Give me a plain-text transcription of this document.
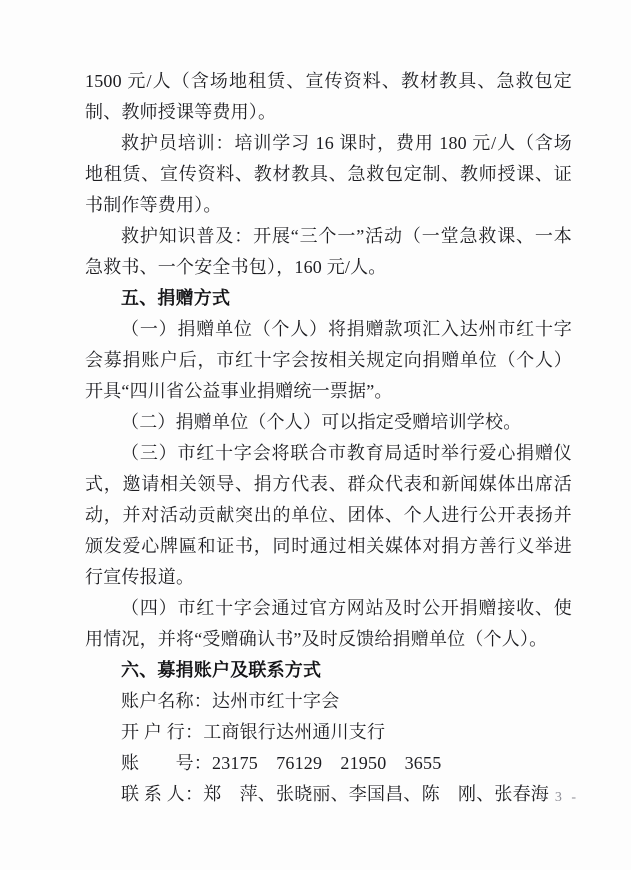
1500 元/人（含场地租赁、宣传资料、教材教具、急救包定制、教师授课等费用）。

救护员培训：培训学习 16 课时，费用 180 元/人（含场地租赁、宣传资料、教材教具、急救包定制、教师授课、证书制作等费用）。

救护知识普及：开展“三个一”活动（一堂急救课、一本急救书、一个安全书包），160 元/人。

五、捐赠方式

（一）捐赠单位（个人）将捐赠款项汇入达州市红十字会募捐账户后，市红十字会按相关规定向捐赠单位（个人）开具“四川省公益事业捐赠统一票据”。

（二）捐赠单位（个人）可以指定受赠培训学校。

（三）市红十字会将联合市教育局适时举行爱心捐赠仪式，邀请相关领导、捐方代表、群众代表和新闻媒体出席活动，并对活动贡献突出的单位、团体、个人进行公开表扬并颁发爱心牌匾和证书，同时通过相关媒体对捐方善行义举进行宣传报道。

（四）市红十字会通过官方网站及时公开捐赠接收、使用情况，并将“受赠确认书”及时反馈给捐赠单位（个人）。

六、募捐账户及联系方式

账户名称：达州市红十字会

开 户 行：工商银行达州通川支行

账　　号：23175　76129　21950　3655

联 系 人：郑　萍、张晓丽、李国昌、陈　刚、张春海

- 3 -
